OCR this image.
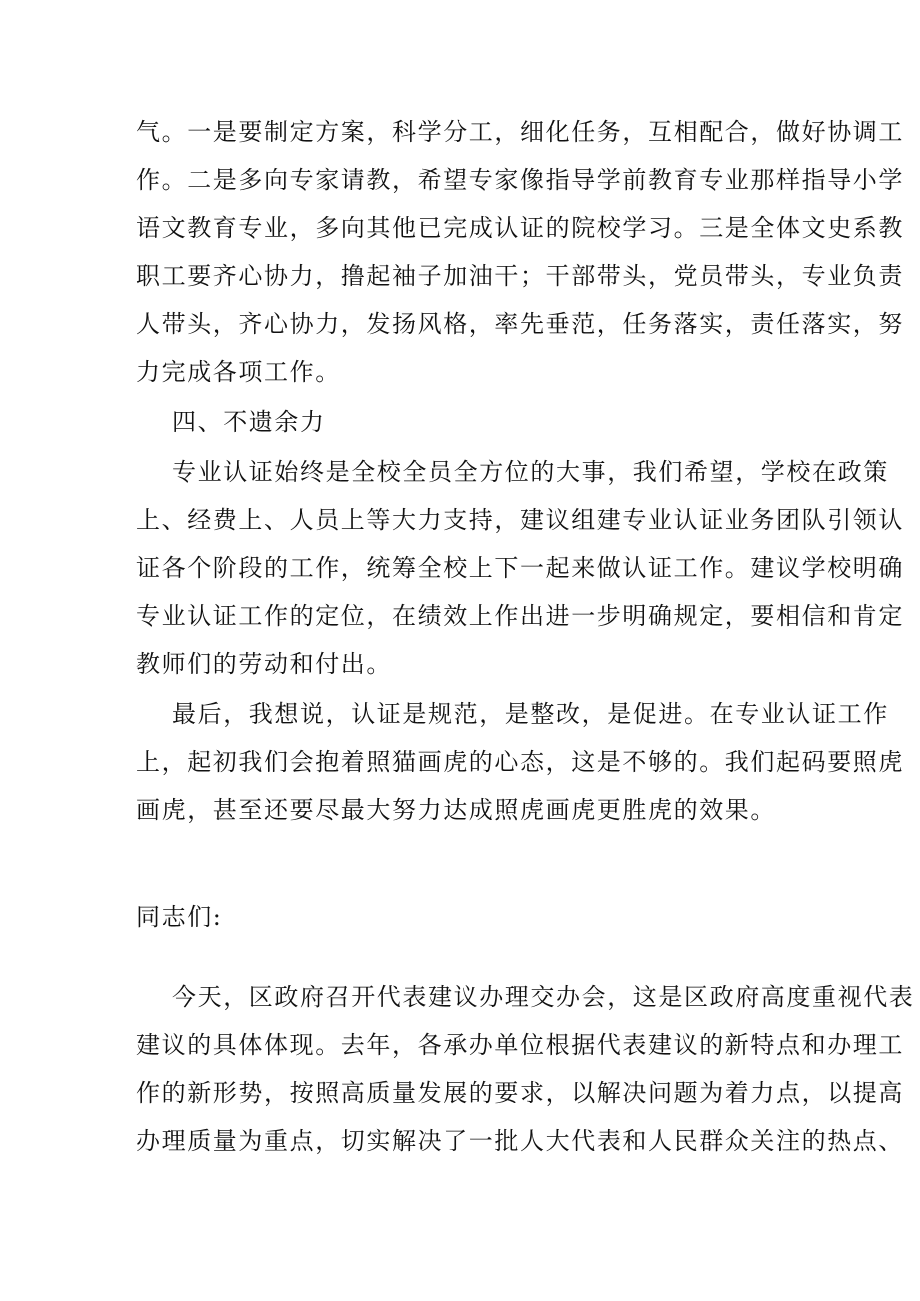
气。一是要制定方案，科学分工，细化任务，互相配合，做好协调工
作。二是多向专家请教，希望专家像指导学前教育专业那样指导小学
语文教育专业，多向其他已完成认证的院校学习。三是全体文史系教
职工要齐心协力，撸起袖子加油干；干部带头，党员带头，专业负责
人带头，齐心协力，发扬风格，率先垂范，任务落实，责任落实，努
力完成各项工作。
四、不遗余力
专业认证始终是全校全员全方位的大事，我们希望，学校在政策
上、经费上、人员上等大力支持，建议组建专业认证业务团队引领认
证各个阶段的工作，统筹全校上下一起来做认证工作。建议学校明确
专业认证工作的定位，在绩效上作出进一步明确规定，要相信和肯定
教师们的劳动和付出。
最后，我想说，认证是规范，是整改，是促进。在专业认证工作
上，起初我们会抱着照猫画虎的心态，这是不够的。我们起码要照虎
画虎，甚至还要尽最大努力达成照虎画虎更胜虎的效果。
同志们:
今天，区政府召开代表建议办理交办会，这是区政府高度重视代表
建议的具体体现。去年，各承办单位根据代表建议的新特点和办理工
作的新形势，按照高质量发展的要求，以解决问题为着力点，以提高
办理质量为重点，切实解决了一批人大代表和人民群众关注的热点、
